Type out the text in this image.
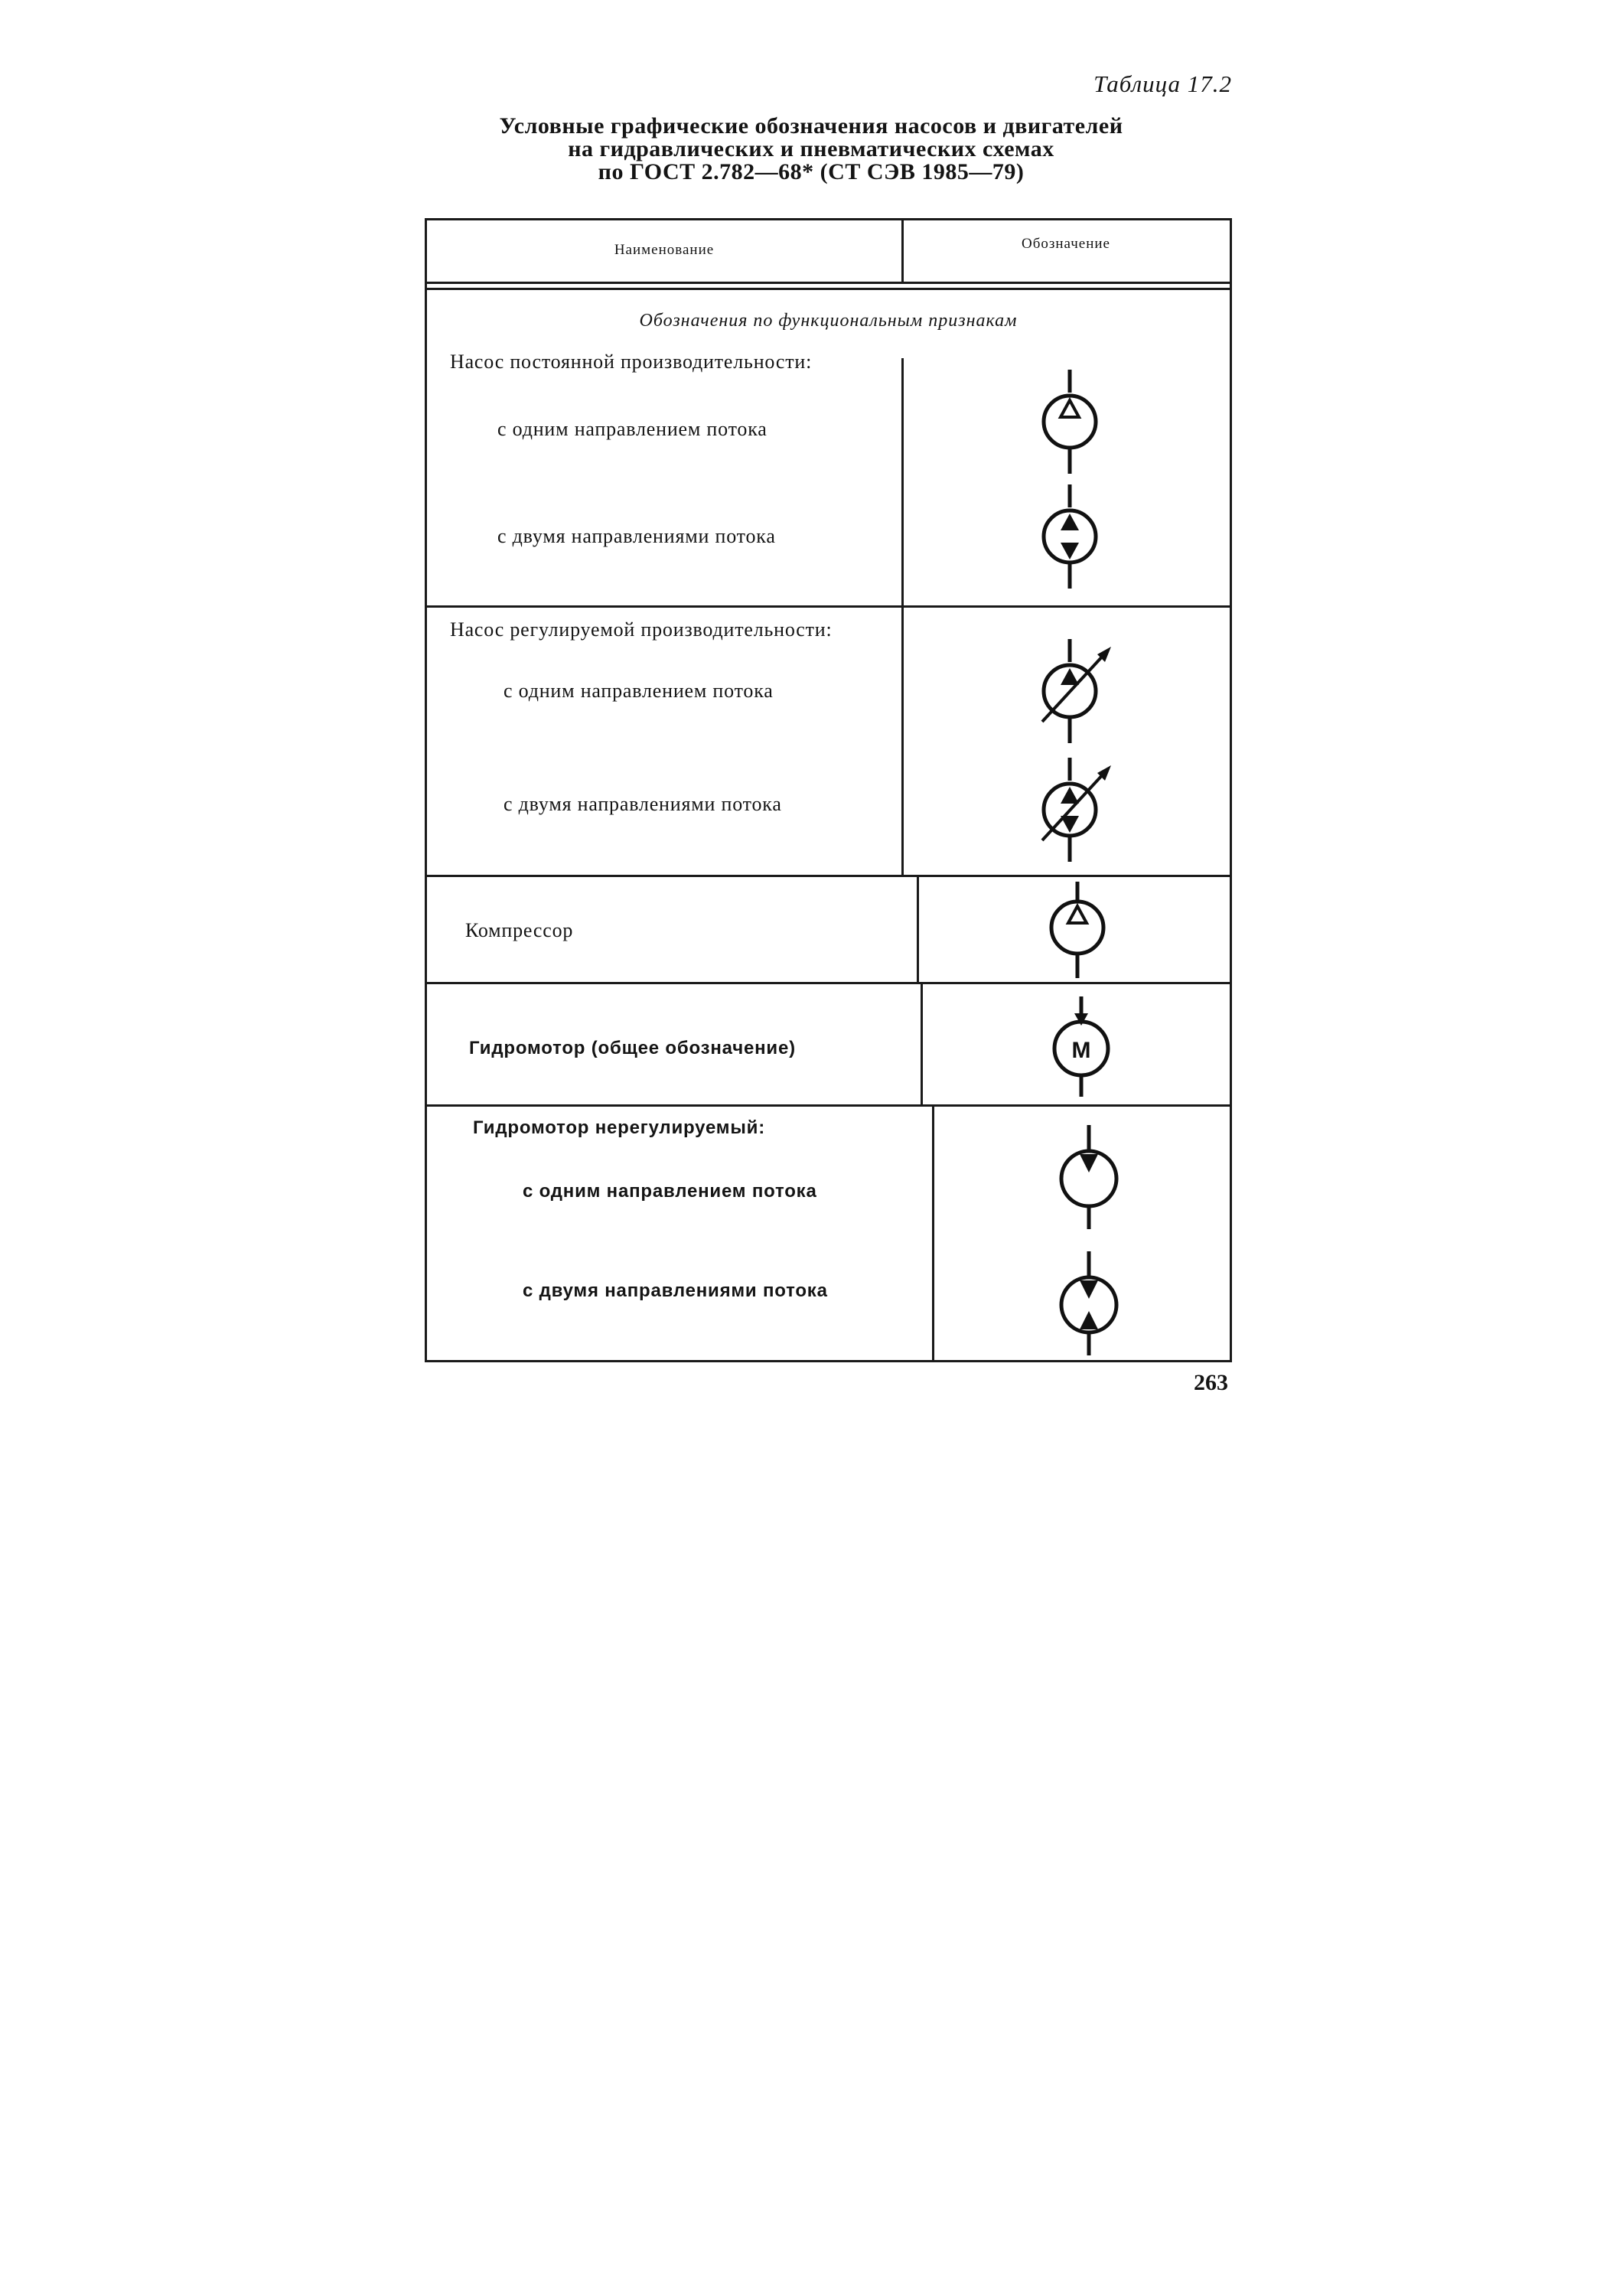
Таблица 17.2
Условные графические обозначения насосов и двигателей
на гидравлических и пневматических схемах
по ГОСТ 2.782—68* (СТ СЭВ 1985—79)
Наименование	Обозначение
Обозначения по функциональным признакам
Насос постоянной производительности:
с одним направлением потока
с двумя направлениями потока
Насос регулируемой производительности:
с одним направлением потока
с двумя направлениями потока
Компрессор
Гидромотор (общее обозначение)	М
Гидромотор нерегулируемый:
с одним направлением потока
с двумя направлениями потока
263
